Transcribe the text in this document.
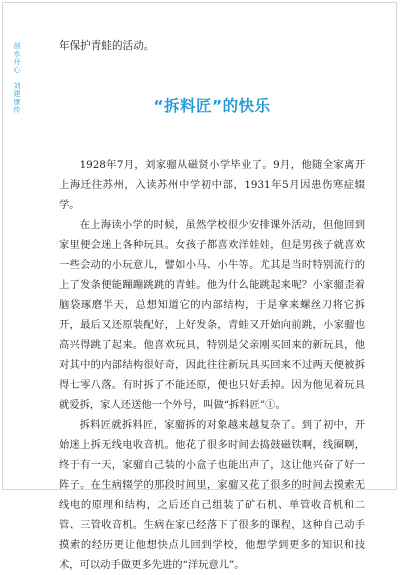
剖水丹心刘建康传
年保护青蛙的活动。
“拆料匠”的快乐

1928年7月，刘家骝从磁贤小学毕业了。9月，他随全家离开上海迁往苏州，入读苏州中学初中部，1931年5月因患伤寒症辍学。

在上海读小学的时候，虽然学校很少安排课外活动，但他回到家里便会迷上各种玩具。女孩子都喜欢洋娃娃，但是男孩子就喜欢一些会动的小玩意儿，譬如小马、小牛等。尤其是当时特别流行的上了发条便能蹦蹦跳跳的青蛙。他为什么能跳起来呢？小家骝歪着脑袋琢磨半天，总想知道它的内部结构，于是拿来螺丝刀将它拆开，最后又还原装配好，上好发条，青蛙又开始向前跳，小家骝也高兴得跳了起来。他喜欢玩具，特别是父亲刚买回来的新玩具，他对其中的内部结构很好奇，因此往往新玩具买回来不过两天便被拆得七零八落。有时拆了不能还原，便也只好丢掉。因为他见着玩具就爱拆，家人还送他一个外号，叫做“拆料匠”①。

拆料匠就拆料匠，家骝拆的对象越来越复杂了。到了初中，开始迷上拆无线电收音机。他花了很多时间去捣鼓磁铁啊，线圈啊，终于有一天，家骝自己装的小盒子也能出声了，这让他兴奋了好一阵子。在生病辍学的那段时间里，家骝又花了很多的时间去摸索无线电的原理和结构，之后还自己组装了矿石机、单管收音机和二管、三管收音机。生病在家已经落下了很多的课程，这种自己动手摸索的经历更让他想快点儿回到学校，他想学到更多的知识和技术，可以动手做更多先进的“洋玩意儿”。
